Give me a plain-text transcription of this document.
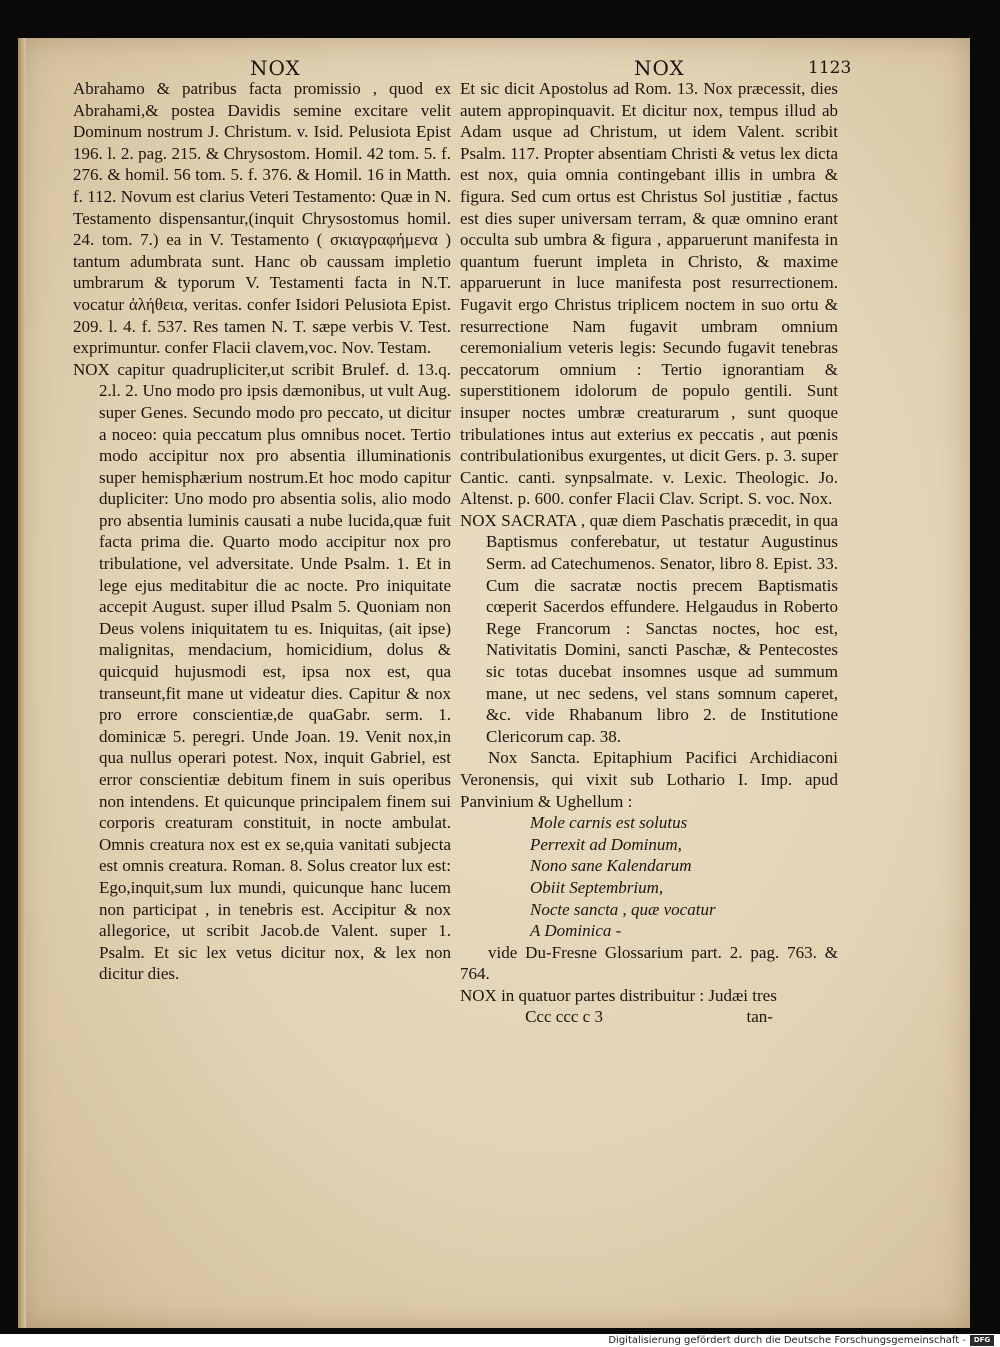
NOX	NOX	1123

Abrahamo & patribus facta promissio , quod ex Abrahami,& postea Davidis semine excitare velit Dominum nostrum J. Christum. v. Isid. Pelusiota Epist 196. l. 2. pag. 215. & Chrysostom. Homil. 42 tom. 5. f. 276. & homil. 56 tom. 5. f. 376. & Homil. 16 in Matth. f. 112. Novum est clarius Veteri Testamento: Quæ in N. Testamento dispensantur,(inquit Chrysostomus homil. 24. tom. 7.) ea in V. Testamento ( σκιαγραφήμενα ) tantum adumbrata sunt. Hanc ob caussam impletio umbrarum & typorum V. Testamenti facta in N.T. vocatur ἀλήθεια, veritas. confer Isidori Pelusiota Epist. 209. l. 4. f. 537. Res tamen N. T. sæpe verbis V. Test. exprimuntur. confer Flacii clavem,voc. Nov. Testam.

NOX capitur quadrupliciter,ut scribit Brulef. d. 13.q. 2.l. 2. Uno modo pro ipsis dæmonibus, ut vult Aug. super Genes. Secundo modo pro peccato, ut dicitur a noceo: quia peccatum plus omnibus nocet. Tertio modo accipitur nox pro absentia illuminationis super hemisphærium nostrum.Et hoc modo capitur dupliciter: Uno modo pro absentia solis, alio modo pro absentia luminis causati a nube lucida,quæ fuit facta prima die. Quarto modo accipitur nox pro tribulatione, vel adversitate. Unde Psalm. 1. Et in lege ejus meditabitur die ac nocte. Pro iniquitate accepit August. super illud Psalm 5. Quoniam non Deus volens iniquitatem tu es. Iniquitas, (ait ipse) malignitas, mendacium, homicidium, dolus & quicquid hujusmodi est, ipsa nox est, qua transeunt,fit mane ut videatur dies. Capitur & nox pro errore conscientiæ,de quaGabr. serm. 1. dominicæ 5. peregri. Unde Joan. 19. Venit nox,in qua nullus operari potest. Nox, inquit Gabriel, est error conscientiæ debitum finem in suis operibus non intendens. Et quicunque principalem finem sui corporis creaturam constituit, in nocte ambulat. Omnis creatura nox est ex se,quia vanitati subjecta est omnis creatura. Roman. 8. Solus creator lux est: Ego,inquit,sum lux mundi, quicunque hanc lucem non participat , in tenebris est. Accipitur & nox allegorice, ut scribit Jacob.de Valent. super 1. Psalm. Et sic lex vetus dicitur nox, & lex non dicitur dies.

Et sic dicit Apostolus ad Rom. 13. Nox præcessit, dies autem appropinquavit. Et dicitur nox, tempus illud ab Adam usque ad Christum, ut idem Valent. scribit Psalm. 117. Propter absentiam Christi & vetus lex dicta est nox, quia omnia contingebant illis in umbra & figura. Sed cum ortus est Christus Sol justitiæ , factus est dies super universam terram, & quæ omnino erant occulta sub umbra & figura , apparuerunt manifesta in quantum fuerunt impleta in Christo, & maxime apparuerunt in luce manifesta post resurrectionem. Fugavit ergo Christus triplicem noctem in suo ortu & resurrectione Nam fugavit umbram omnium ceremonialium veteris legis: Secundo fugavit tenebras peccatorum omnium : Tertio ignorantiam & superstitionem idolorum de populo gentili. Sunt insuper noctes umbræ creaturarum , sunt quoque tribulationes intus aut exterius ex peccatis , aut pœnis contribulationibus exurgentes, ut dicit Gers. p. 3. super Cantic. canti. synpsalmate. v. Lexic. Theologic. Jo. Altenst. p. 600. confer Flacii Clav. Script. S. voc. Nox.

NOX SACRATA , quæ diem Paschatis præcedit, in qua Baptismus conferebatur, ut testatur Augustinus Serm. ad Catechumenos. Senator, libro 8. Epist. 33. Cum die sacratæ noctis precem Baptismatis cœperit Sacerdos effundere. Helgaudus in Roberto Rege Francorum : Sanctas noctes, hoc est, Nativitatis Domini, sancti Paschæ, & Pentecostes sic totas ducebat insomnes usque ad summum mane, ut nec sedens, vel stans somnum caperet, &c. vide Rhabanum libro 2. de Institutione Clericorum cap. 38.

Nox Sancta. Epitaphium Pacifici Archidiaconi Veronensis, qui vixit sub Lothario I. Imp. apud Panvinium & Ughellum :

Mole carnis est solutus
Perrexit ad Dominum,
Nono sane Kalendarum
Obiit Septembrium,
Nocte sancta , quæ vocatur
A Dominica -

vide Du-Fresne Glossarium part. 2. pag. 763. & 764.

NOX in quatuor partes distribuitur : Judæi tres

Ccc ccc c 3	tan-

Digitalisierung gefördert durch die Deutsche Forschungsgemeinschaft -	DFG
